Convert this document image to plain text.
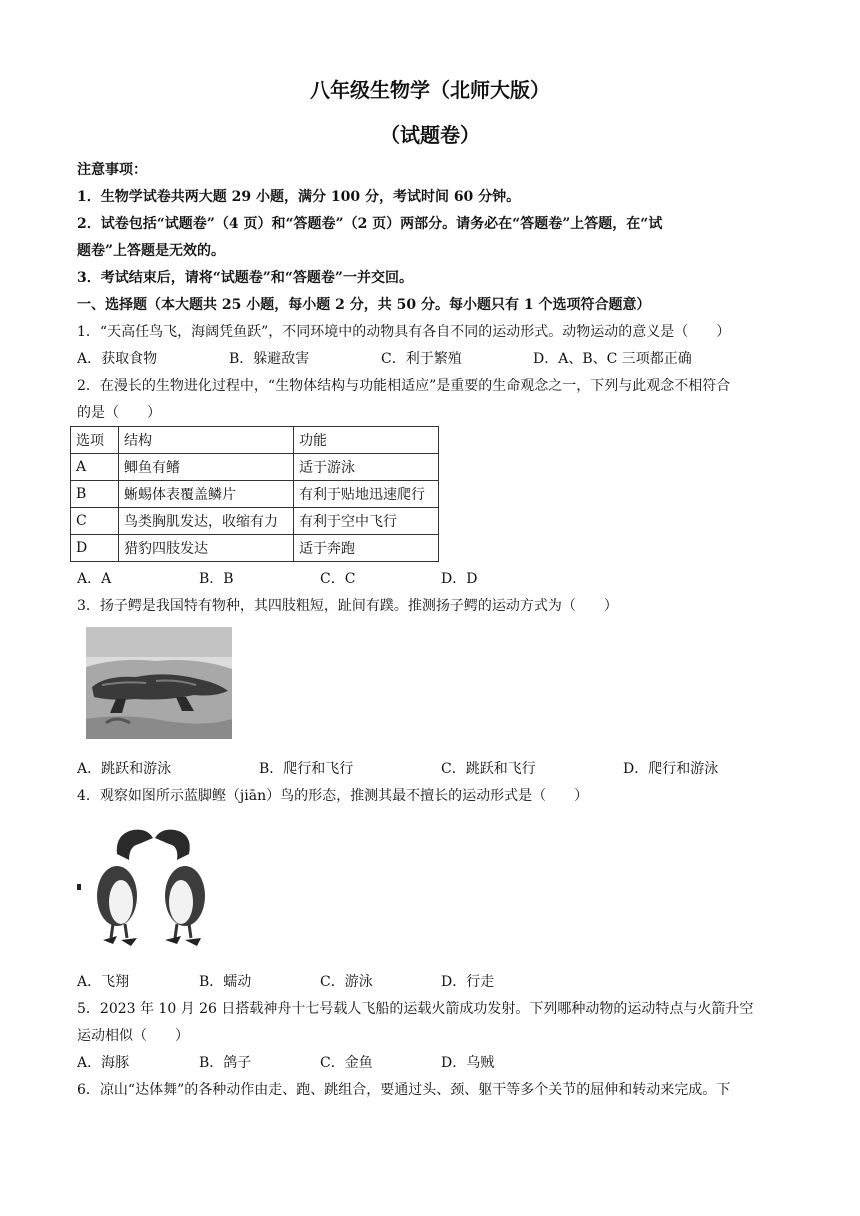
八年级生物学（北师大版）
（试题卷）
注意事项：
1．生物学试卷共两大题 29 小题，满分 100 分，考试时间 60 分钟。
2．试卷包括“试题卷”（4 页）和“答题卷”（2 页）两部分。请务必在“答题卷”上答题，在“试
题卷”上答题是无效的。
3．考试结束后，请将“试题卷”和“答题卷”一并交回。
一、选择题（本大题共 25 小题，每小题 2 分，共 50 分。每小题只有 1 个选项符合题意）
1．“天高任鸟飞，海阔凭鱼跃”，不同环境中的动物具有各自不同的运动形式。动物运动的意义是（　　）
A．获取食物	B．躲避敌害	C．利于繁殖	D．A、B、C 三项都正确
2．在漫长的生物进化过程中，“生物体结构与功能相适应”是重要的生命观念之一，下列与此观念不相符合
的是（　　）
选项	结构	功能
A	鲫鱼有鳍	适于游泳
B	蜥蜴体表覆盖鳞片	有利于贴地迅速爬行
C	鸟类胸肌发达，收缩有力	有利于空中飞行
D	猎豹四肢发达	适于奔跑
A．A	B．B	C．C	D．D
3．扬子鳄是我国特有物种，其四肢粗短，趾间有蹼。推测扬子鳄的运动方式为（　　）
A．跳跃和游泳	B．爬行和飞行	C．跳跃和飞行	D．爬行和游泳
4．观察如图所示蓝脚鲣（jiān）鸟的形态，推测其最不擅长的运动形式是（　　）
A．飞翔	B．蠕动	C．游泳	D．行走
5．2023 年 10 月 26 日搭载神舟十七号载人飞船的运载火箭成功发射。下列哪种动物的运动特点与火箭升空
运动相似（　　）
A．海豚	B．鸽子	C．金鱼	D．乌贼
6．凉山“达体舞”的各种动作由走、跑、跳组合，要通过头、颈、躯干等多个关节的屈伸和转动来完成。下
